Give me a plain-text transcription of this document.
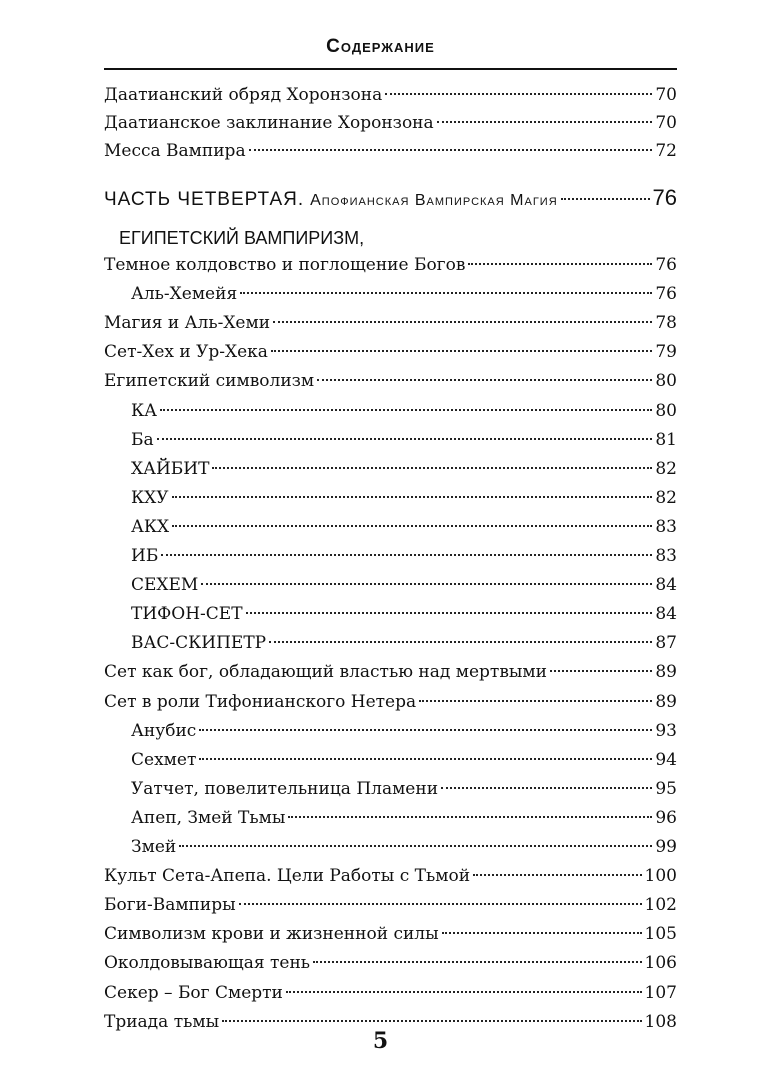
Содержание
Даатианский обряд Хоронзона	70
Даатианское заклинание Хоронзона	70
Месса Вампира	72
ЧАСТЬ ЧЕТВЕРТАЯ. Апофианская Вампирская Магия	76
ЕГИПЕТСКИЙ ВАМПИРИЗМ,
Темное колдовство и поглощение Богов	76
Аль-Хемейя	76
Магия и Аль-Хеми	78
Сет-Хех и Ур-Хека	79
Египетский символизм	80
КА	80
Ба	81
ХАЙБИТ	82
КХУ	82
АКХ	83
ИБ	83
СЕХЕМ	84
ТИФОН-СЕТ	84
ВАС-СКИПЕТР	87
Сет как бог, обладающий властью над мертвыми	89
Сет в роли Тифонианского Нетера	89
Анубис	93
Сехмет	94
Уатчет, повелительница Пламени	95
Апеп, Змей Тьмы	96
Змей	99
Культ Сета-Апепа. Цели Работы с Тьмой	100
Боги-Вампиры	102
Символизм крови и жизненной силы	105
Околдовывающая тень	106
Секер – Бог Смерти	107
Триада тьмы	108
5
